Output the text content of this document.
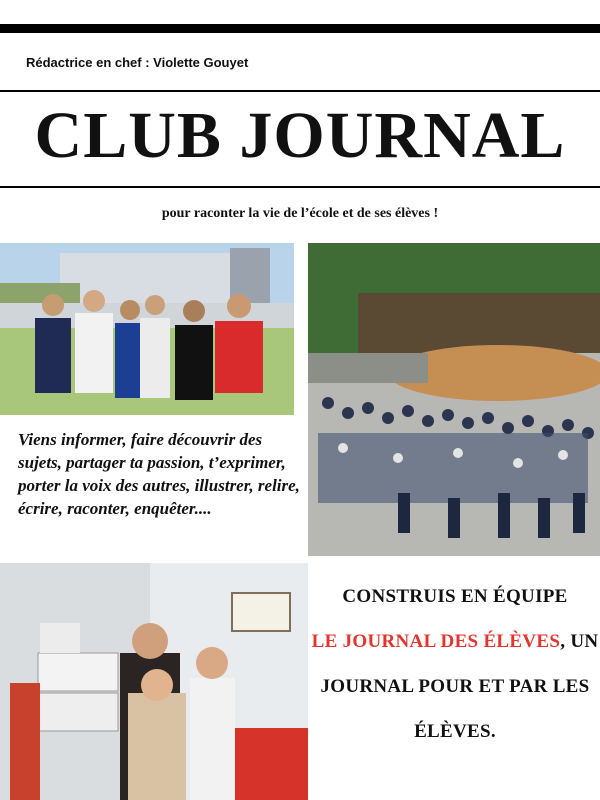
Rédactrice en chef : Violette Gouyet
CLUB JOURNAL
pour raconter la vie de l’école et de ses élèves !
Viens informer, faire découvrir des sujets, partager ta passion, t’exprimer, porter la voix des autres, illustrer, relire, écrire, raconter, enquêter....
CONSTRUIS EN ÉQUIPE
LE JOURNAL DES ÉLÈVES, UN JOURNAL POUR ET PAR LES ÉLÈVES.
